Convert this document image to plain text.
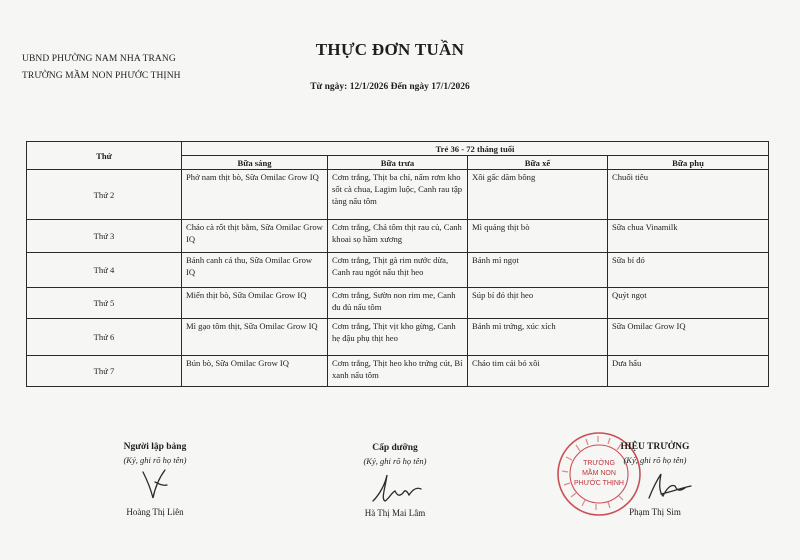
UBND PHƯỜNG NAM NHA TRANG
TRƯỜNG MẦM NON PHƯỚC THỊNH
THỰC ĐƠN TUẦN
Từ ngày: 12/1/2026 Đến ngày 17/1/2026
Thứ	Trẻ 36 - 72 tháng tuổi			
	Bữa sáng	Bữa trưa	Bữa xế	Bữa phụ
Thứ 2	Phở nam thịt bò, Sữa Omilac Grow IQ	Cơm trắng, Thịt ba chỉ, nấm rơm kho sốt cà chua, Lagim luộc, Canh rau tập tàng nấu tôm	Xôi gấc dăm bông	Chuối tiêu
Thứ 3	Cháo cà rốt thịt bằm, Sữa Omilac Grow IQ	Cơm trắng, Chả tôm thịt rau củ, Canh khoai sọ hầm xương	Mì quảng thịt bò	Sữa chua Vinamilk
Thứ 4	Bánh canh cá thu, Sữa Omilac Grow IQ	Cơm trắng, Thịt gà rim nước dừa, Canh rau ngót nấu thịt heo	Bánh mì ngọt	Sữa bí đỏ
Thứ 5	Miến thịt bò, Sữa Omilac Grow IQ	Cơm trắng, Sườn non rim me, Canh đu đủ nấu tôm	Súp bí đỏ thịt heo	Quýt ngọt
Thứ 6	Mì gạo tôm thịt, Sữa Omilac Grow IQ	Cơm trắng, Thịt vịt kho gừng, Canh hẹ đậu phụ thịt heo	Bánh mì trứng, xúc xích	Sữa Omilac Grow IQ
Thứ 7	Bún bò, Sữa Omilac Grow IQ	Cơm trắng, Thịt heo kho trứng cút, Bí xanh nấu tôm	Cháo tim cải bó xôi	Dưa hấu
TRƯỜNG
MẦM NON
PHƯỚC THỊNH
Người lập bảng
(Ký, ghi rõ họ tên)
Hoàng Thị Liên
Cấp dưỡng
(Ký, ghi rõ họ tên)
Hà Thị Mai Lâm
HIỆU TRƯỞNG
(Ký, ghi rõ họ tên)
Phạm Thị Sim
